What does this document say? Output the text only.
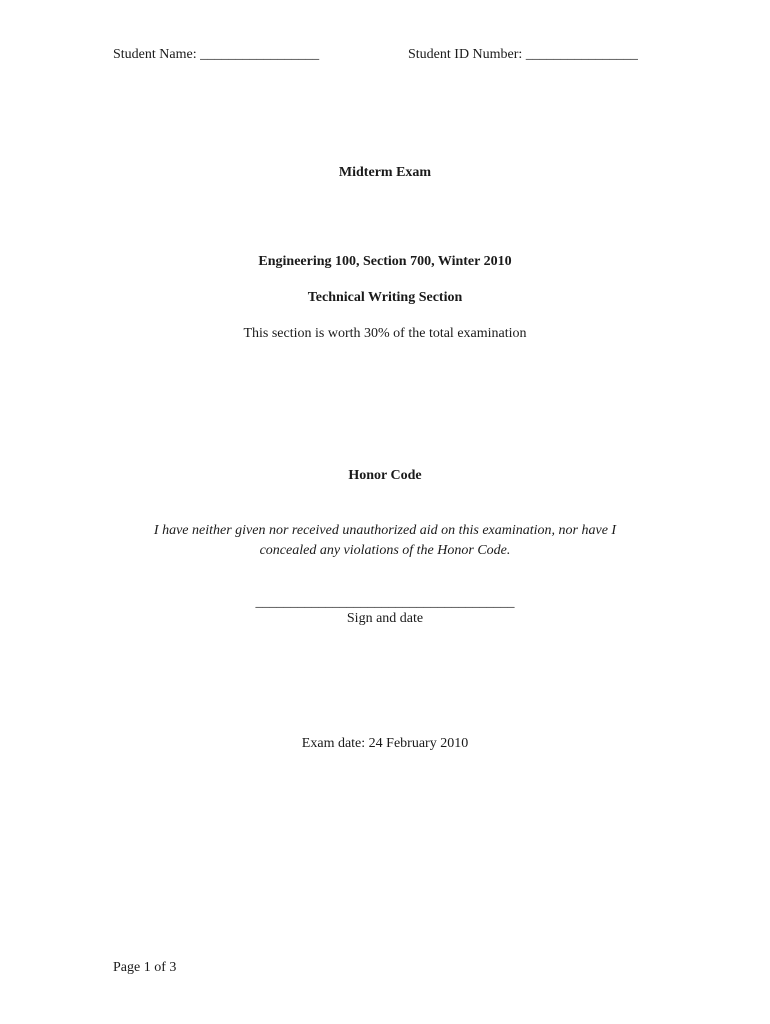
Student Name: _________________	Student ID Number: ________________
Midterm Exam
Engineering 100, Section 700, Winter 2010
Technical Writing Section
This section is worth 30% of the total examination
Honor Code
I have neither given nor received unauthorized aid on this examination, nor have I
concealed any violations of the Honor Code.
_____________________________________
Sign and date
Exam date: 24 February 2010
Page 1 of 3
